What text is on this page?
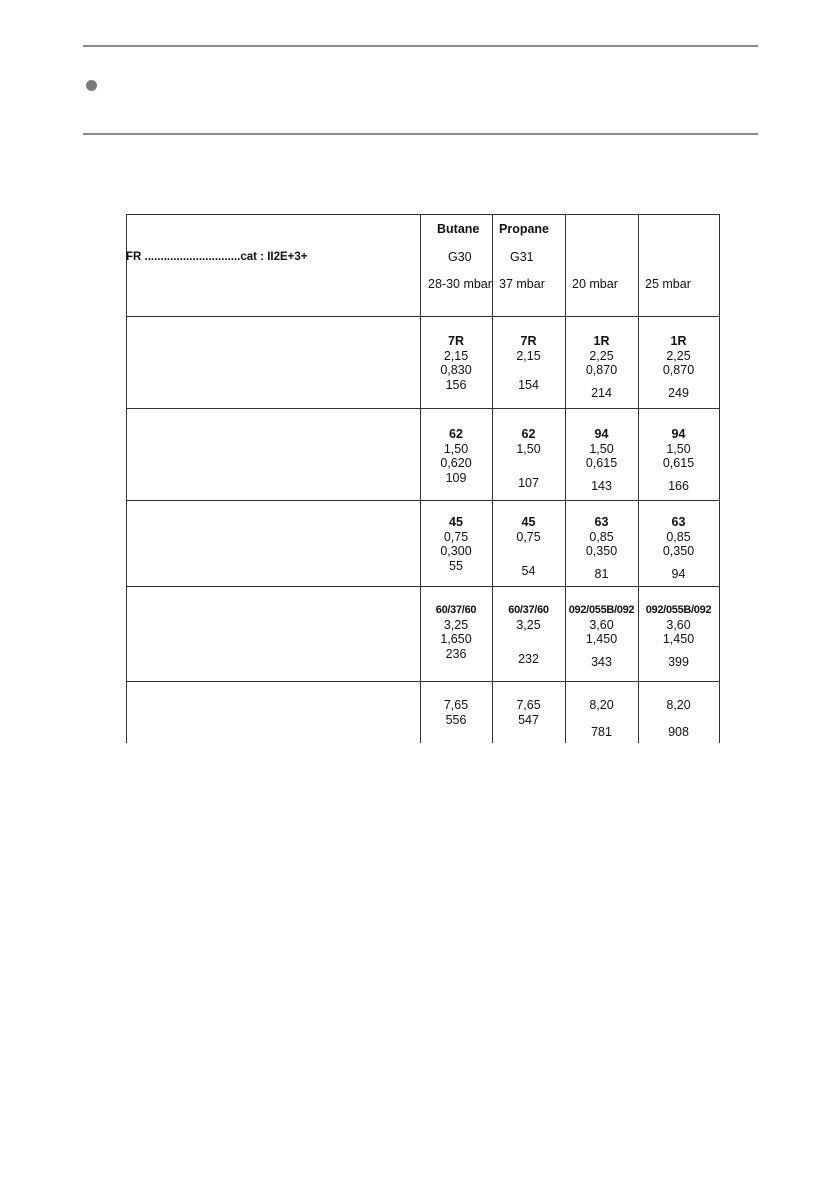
FR ..............................cat : II2E+3+
Butane
G30
28-30 mbar
Propane
G31
37 mbar 20 mbar 25 mbar
7R
2,15
0,830
156
7R
2,15
154
1R
2,25
0,870
214
1R
2,25
0,870
249
62
1,50
0,620
109
62
1,50
107
94
1,50
0,615
143
94
1,50
0,615
166
45
0,75
0,300
55
45
0,75
54
63
0,85
0,350
81
63
0,85
0,350
94
60/37/60
3,25
1,650
236
60/37/60
3,25
232
092/055B/092
3,60
1,450
343
092/055B/092
3,60
1,450
399
7,65
556
7,65
547
8,20
781
8,20
908
